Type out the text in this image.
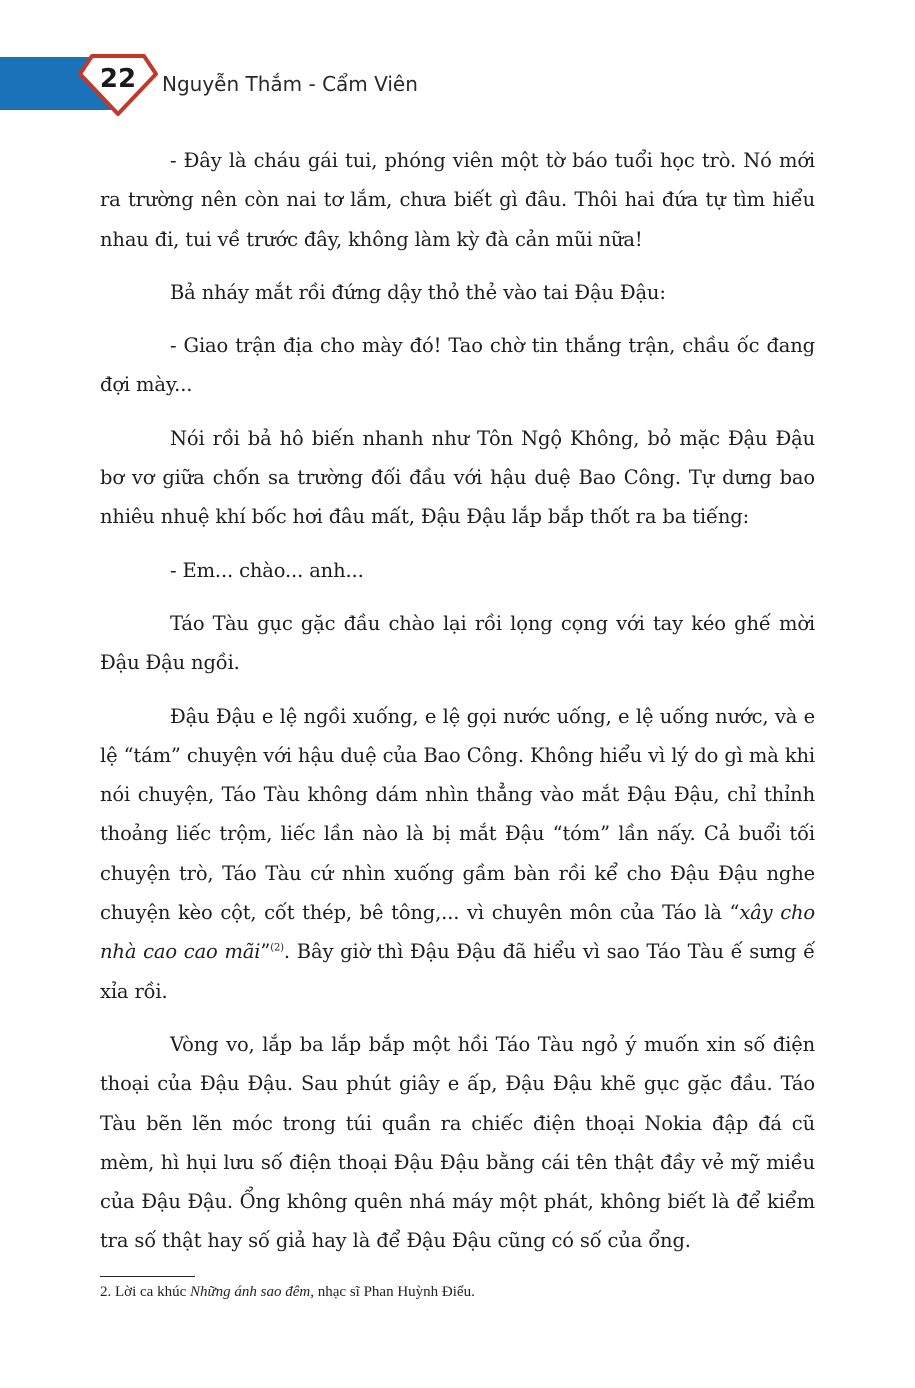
22	Nguyễn Thắm - Cẩm Viên

- Đây là cháu gái tui, phóng viên một tờ báo tuổi học trò. Nó mới ra trường nên còn nai tơ lắm, chưa biết gì đâu. Thôi hai đứa tự tìm hiểu nhau đi, tui về trước đây, không làm kỳ đà cản mũi nữa!

Bả nháy mắt rồi đứng dậy thỏ thẻ vào tai Đậu Đậu:

- Giao trận địa cho mày đó! Tao chờ tin thắng trận, chầu ốc đang đợi mày...

Nói rồi bả hô biến nhanh như Tôn Ngộ Không, bỏ mặc Đậu Đậu bơ vơ giữa chốn sa trường đối đầu với hậu duệ Bao Công. Tự dưng bao nhiêu nhuệ khí bốc hơi đâu mất, Đậu Đậu lắp bắp thốt ra ba tiếng:

- Em... chào... anh...

Táo Tàu gục gặc đầu chào lại rồi lọng cọng với tay kéo ghế mời Đậu Đậu ngồi.

Đậu Đậu e lệ ngồi xuống, e lệ gọi nước uống, e lệ uống nước, và e lệ “tám” chuyện với hậu duệ của Bao Công. Không hiểu vì lý do gì mà khi nói chuyện, Táo Tàu không dám nhìn thẳng vào mắt Đậu Đậu, chỉ thỉnh thoảng liếc trộm, liếc lần nào là bị mắt Đậu “tóm” lần nấy. Cả buổi tối chuyện trò, Táo Tàu cứ nhìn xuống gầm bàn rồi kể cho Đậu Đậu nghe chuyện kèo cột, cốt thép, bê tông,... vì chuyên môn của Táo là “xây cho nhà cao cao mãi”$^{(2)}$. Bây giờ thì Đậu Đậu đã hiểu vì sao Táo Tàu ế sưng ế xỉa rồi.

Vòng vo, lắp ba lắp bắp một hồi Táo Tàu ngỏ ý muốn xin số điện thoại của Đậu Đậu. Sau phút giây e ấp, Đậu Đậu khẽ gục gặc đầu. Táo Tàu bẽn lẽn móc trong túi quần ra chiếc điện thoại Nokia đập đá cũ mèm, hì hụi lưu số điện thoại Đậu Đậu bằng cái tên thật đầy vẻ mỹ miều của Đậu Đậu. Ổng không quên nhá máy một phát, không biết là để kiểm tra số thật hay số giả hay là để Đậu Đậu cũng có số của ổng.

2. Lời ca khúc Những ánh sao đêm, nhạc sĩ Phan Huỳnh Điểu.
